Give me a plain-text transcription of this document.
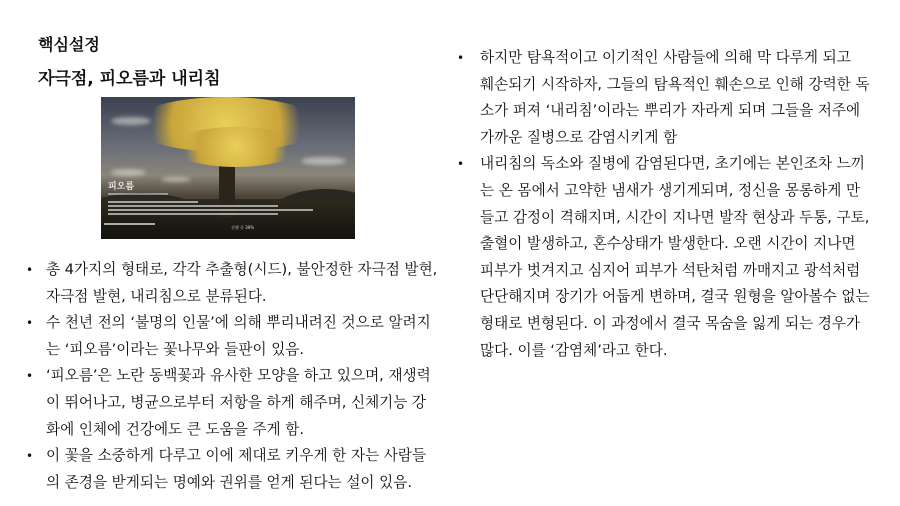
핵심설정
자극점, 피오름과 내리침
피오름
진행 중 39%
• 총 4가지의 형태로, 각각 추출형(시드), 불안정한 자극점 발현,
자극점 발현, 내리침으로 분류된다.
• 수 천년 전의 ‘불명의 인물’에 의해 뿌리내려진 것으로 알려지
는 ‘피오름’이라는 꽃나무와 들판이 있음.
• ‘피오름’은 노란 동백꽃과 유사한 모양을 하고 있으며, 재생력
이 뛰어나고, 병균으로부터 저항을 하게 해주며, 신체기능 강
화에 인체에 건강에도 큰 도움을 주게 함.
• 이 꽃을 소중하게 다루고 이에 제대로 키우게 한 자는 사람들
의 존경을 받게되는 명예와 권위를 얻게 된다는 설이 있음.
• 하지만 탐욕적이고 이기적인 사람들에 의해 막 다루게 되고
훼손되기 시작하자, 그들의 탐욕적인 훼손으로 인해 강력한 독
소가 퍼져 ‘내리침’이라는 뿌리가 자라게 되며 그들을 저주에
가까운 질병으로 감염시키게 함
• 내리침의 독소와 질병에 감염된다면, 초기에는 본인조차 느끼
는 온 몸에서 고약한 냄새가 생기게되며, 정신을 몽롱하게 만
들고 감정이 격해지며, 시간이 지나면 발작 현상과 두통, 구토,
출혈이 발생하고, 혼수상태가 발생한다. 오랜 시간이 지나면
피부가 벗겨지고 심지어 피부가 석탄처럼 까매지고 광석처럼
단단해지며 장기가 어둡게 변하며, 결국 원형을 알아볼수 없는
형태로 변형된다. 이 과정에서 결국 목숨을 잃게 되는 경우가
많다. 이를 ‘감염체’라고 한다.
